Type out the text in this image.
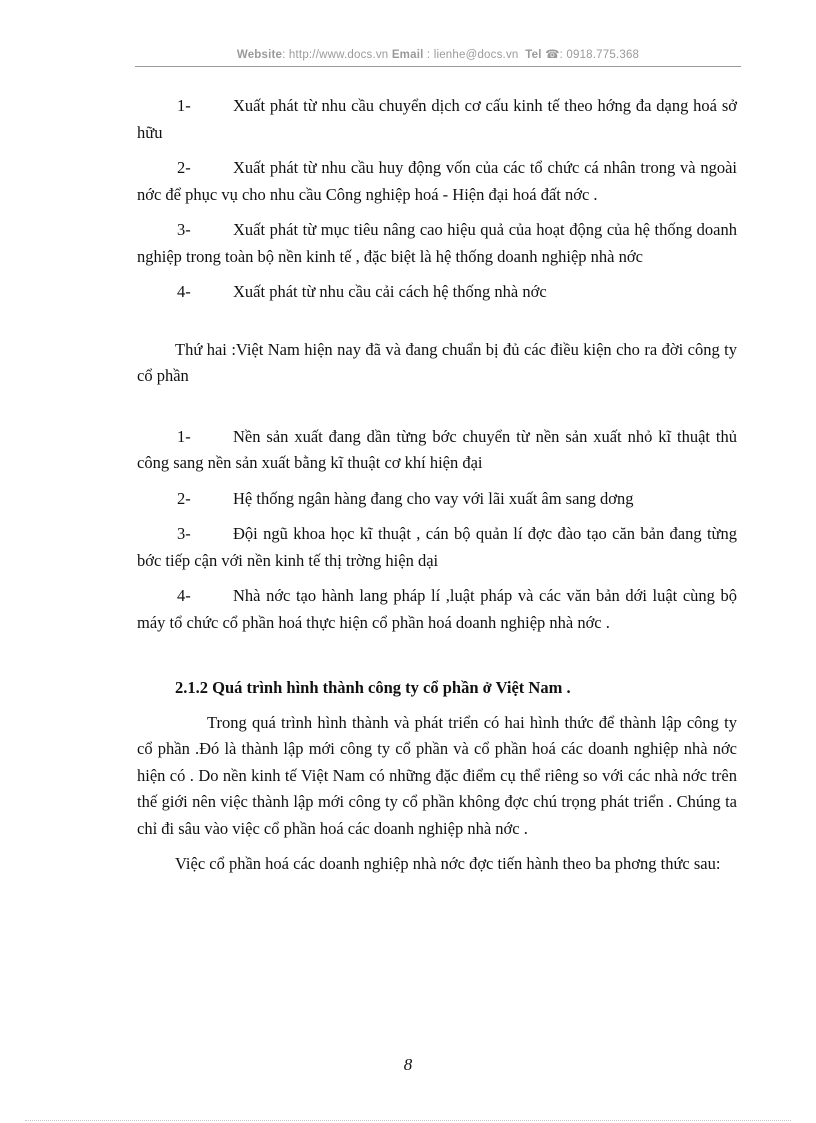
Website: http://www.docs.vn Email : lienhe@docs.vn Tel ☎: 0918.775.368

1-	Xuất phát từ nhu cầu chuyển dịch cơ cấu kinh tế theo hớng đa dạng hoá sở hữu

2-	Xuất phát từ nhu cầu huy động vốn của các tổ chức cá nhân trong và ngoài nớc để phục vụ cho nhu cầu Công nghiệp hoá - Hiện đại hoá đất nớc .

3-	Xuất phát từ mục tiêu nâng cao hiệu quả của hoạt động của hệ thống doanh nghiệp trong toàn bộ nền kinh tế , đặc biệt là hệ thống doanh nghiệp nhà nớc

4-	Xuất phát từ nhu cầu cải cách hệ thống nhà nớc

Thứ hai :Việt Nam hiện nay đã và đang chuẩn bị đủ các điều kiện cho ra đời công ty cổ phần

1-	Nền sản xuất đang dần từng bớc chuyển từ nền sản xuất nhỏ kĩ thuật thủ công sang nền sản xuất bằng kĩ thuật cơ khí hiện đại

2-	Hệ thống ngân hàng đang cho vay với lãi xuất âm sang dơng

3-	Đội ngũ khoa học kĩ thuật , cán bộ quản lí đợc đào tạo căn bản đang từng bớc tiếp cận với nền kinh tế thị trờng hiện dại

4-	Nhà nớc tạo hành lang pháp lí ,luật pháp và các văn bản dới luật cùng bộ máy tổ chức cổ phần hoá thực hiện cổ phần hoá doanh nghiệp nhà nớc .

2.1.2 Quá trình hình thành công ty cổ phần ở Việt Nam .

Trong quá trình hình thành và phát triển có hai hình thức để thành lập công ty cổ phần .Đó là thành lập mới công ty cổ phần và cổ phần hoá các doanh nghiệp nhà nớc hiện có . Do nền kinh tế Việt Nam có những đặc điểm cụ thể riêng so với các nhà nớc trên thế giới nên việc thành lập mới công ty cổ phần không đợc chú trọng phát triển . Chúng ta chỉ đi sâu vào việc cổ phần hoá các doanh nghiệp nhà nớc .

Việc cổ phần hoá các doanh nghiệp nhà nớc đợc tiến hành theo ba phơng thức sau:

8
